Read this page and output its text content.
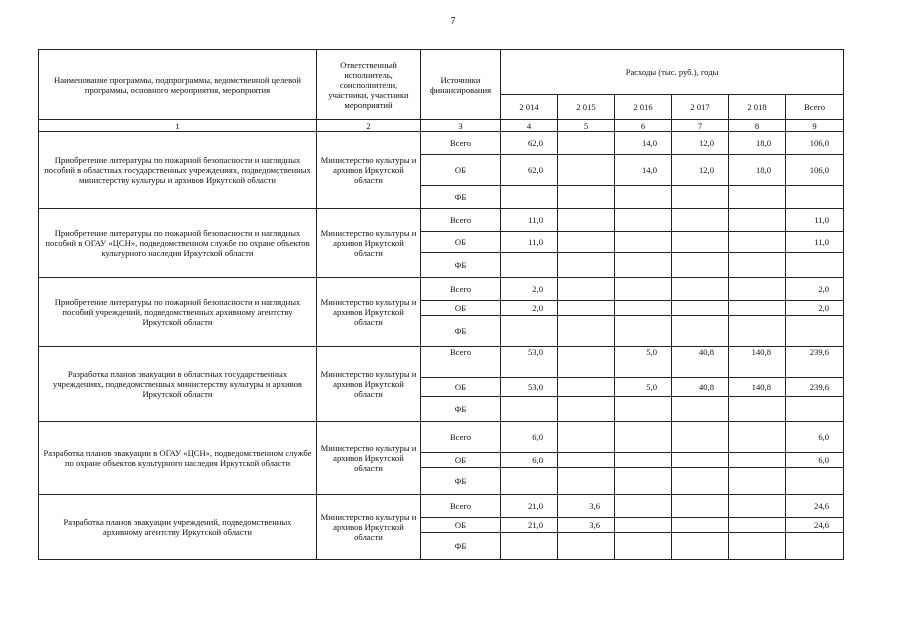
7
Наименование программы, подпрограммы, ведомственной целевой программы, основного мероприятия, мероприятия	Ответственный исполнитель, соисполнители, участники, участники мероприятий	Источники финансирования	Расходы (тыс. руб.), годы					
			2 014	2 015	2 016	2 017	2 018	Всего
1	2	3	4	5	6	7	8	9
Приобретение литературы по пожарной безопасности и наглядных пособий в областных государственных учреждениях, подведомственных министерству культуры и архивов Иркутской области	Министерство культуры и архивов Иркутской области	Всего	62,0		14,0	12,0	18,0	106,0
		ОБ	62,0		14,0	12,0	18,0	106,0
		ФБ						
Приобретение литературы по пожарной безопасности и наглядных пособий в ОГАУ «ЦСН», подведомственном службе по охране объектов культурного наследия Иркутской области	Министерство культуры и архивов Иркутской области	Всего	11,0					11,0
		ОБ	11,0					11,0
		ФБ						
Приобретение литературы по пожарной безопасности и наглядных пособий учреждений, подведомственных архивному агентству Иркутской области	Министерство культуры и архивов Иркутской области	Всего	2,0					2,0
		ОБ	2,0					2,0
		ФБ						
Разработка планов эвакуации в областных государственных учреждениях, подведомственных министерству культуры и архивов Иркутской области	Министерство культуры и архивов Иркутской области	Всего	53,0		5,0	40,8	140,8	239,6
		ОБ	53,0		5,0	40,8	140,8	239,6
		ФБ						
Разработка планов эвакуации в ОГАУ «ЦСН», подведомственном службе по охране объектов культурного наследия Иркутской области	Министерство культуры и архивов Иркутской области	Всего	6,0					6,0
		ОБ	6,0					6,0
		ФБ						
Разработка планов эвакуации учреждений, подведомственных архивному агентству Иркутской области	Министерство культуры и архивов Иркутской области	Всего	21,0	3,6				24,6
		ОБ	21,0	3,6				24,6
		ФБ						
